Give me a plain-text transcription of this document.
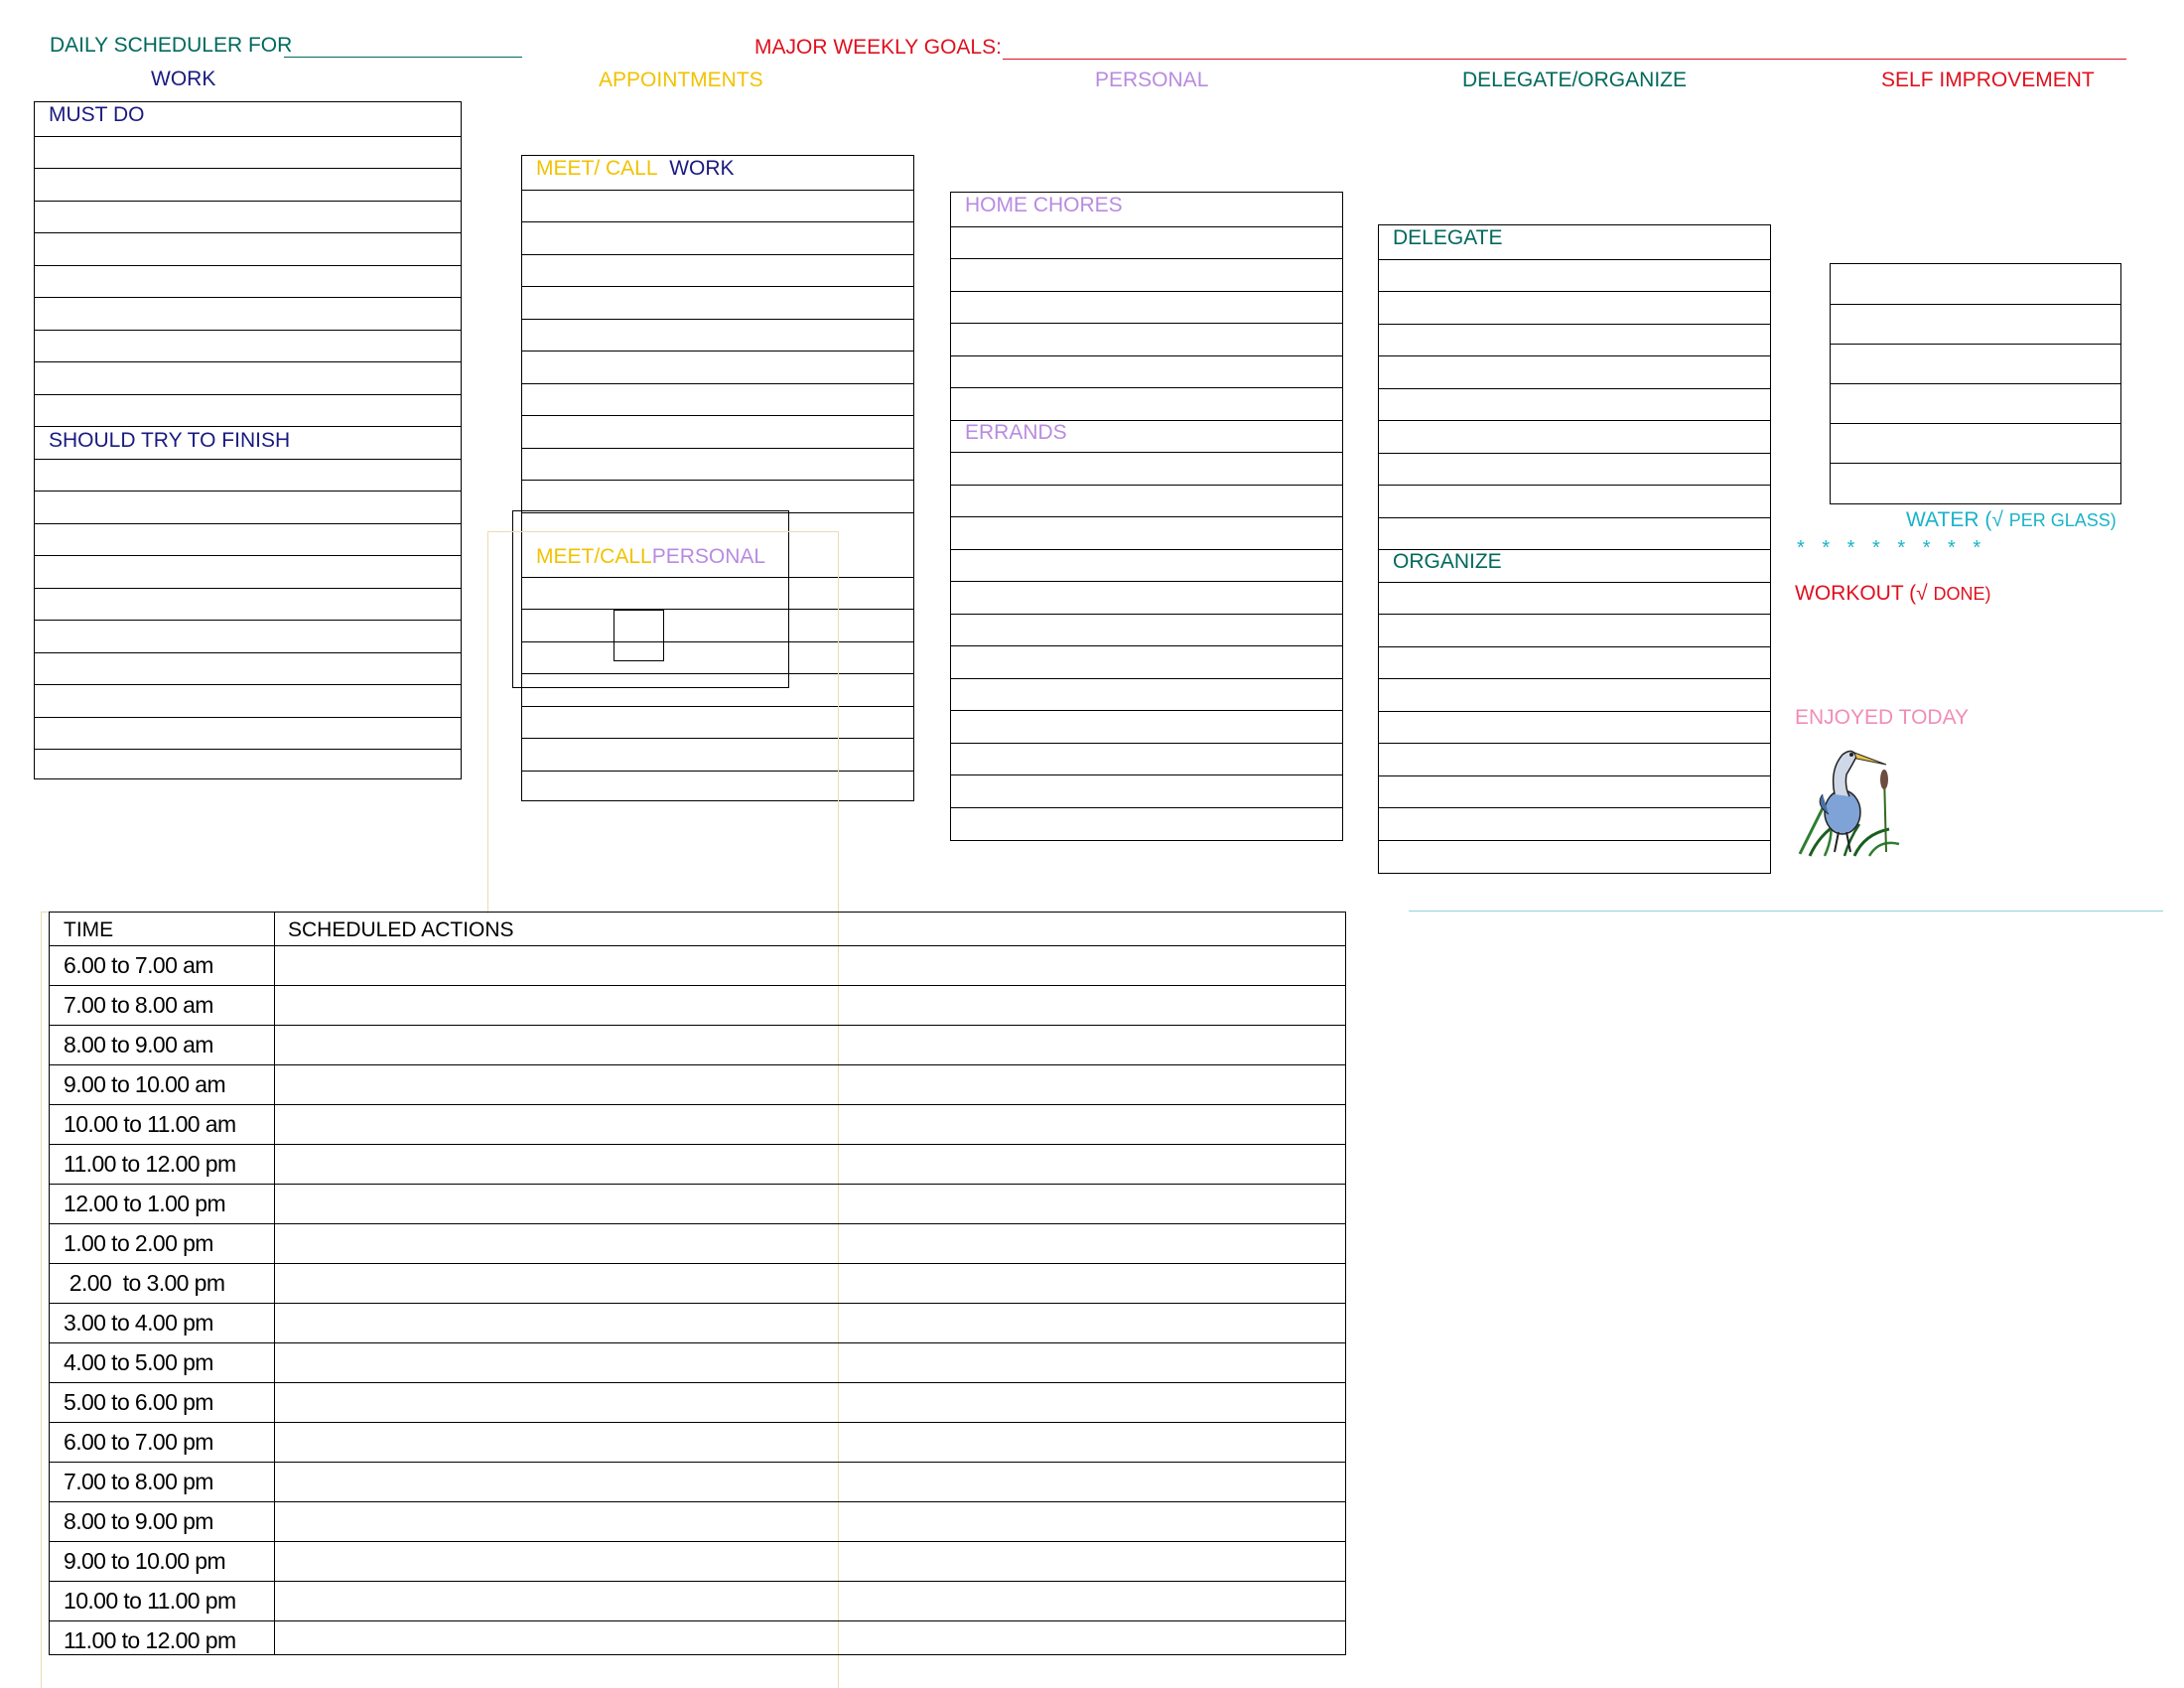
DAILY SCHEDULER FOR	MAJOR WEEKLY GOALS:
WORK	APPOINTMENTS	PERSONAL	DELEGATE/ORGANIZE	SELF IMPROVEMENT
MUST DO
SHOULD TRY TO FINISH
MEET/ CALL WORK
MEET/CALLPERSONAL
HOME CHORES
ERRANDS
DELEGATE
ORGANIZE
WATER (√ PER GLASS)
* * * * * * * *
WORKOUT (√ DONE)
ENJOYED TODAY
TIME	SCHEDULED ACTIONS
6.00 to 7.00 am
7.00 to 8.00 am
8.00 to 9.00 am
9.00 to 10.00 am
10.00 to 11.00 am
11.00 to 12.00 pm
12.00 to 1.00 pm
1.00 to 2.00 pm
2.00  to 3.00 pm
3.00 to 4.00 pm
4.00 to 5.00 pm
5.00 to 6.00 pm
6.00 to 7.00 pm
7.00 to 8.00 pm
8.00 to 9.00 pm
9.00 to 10.00 pm
10.00 to 11.00 pm
11.00 to 12.00 pm
